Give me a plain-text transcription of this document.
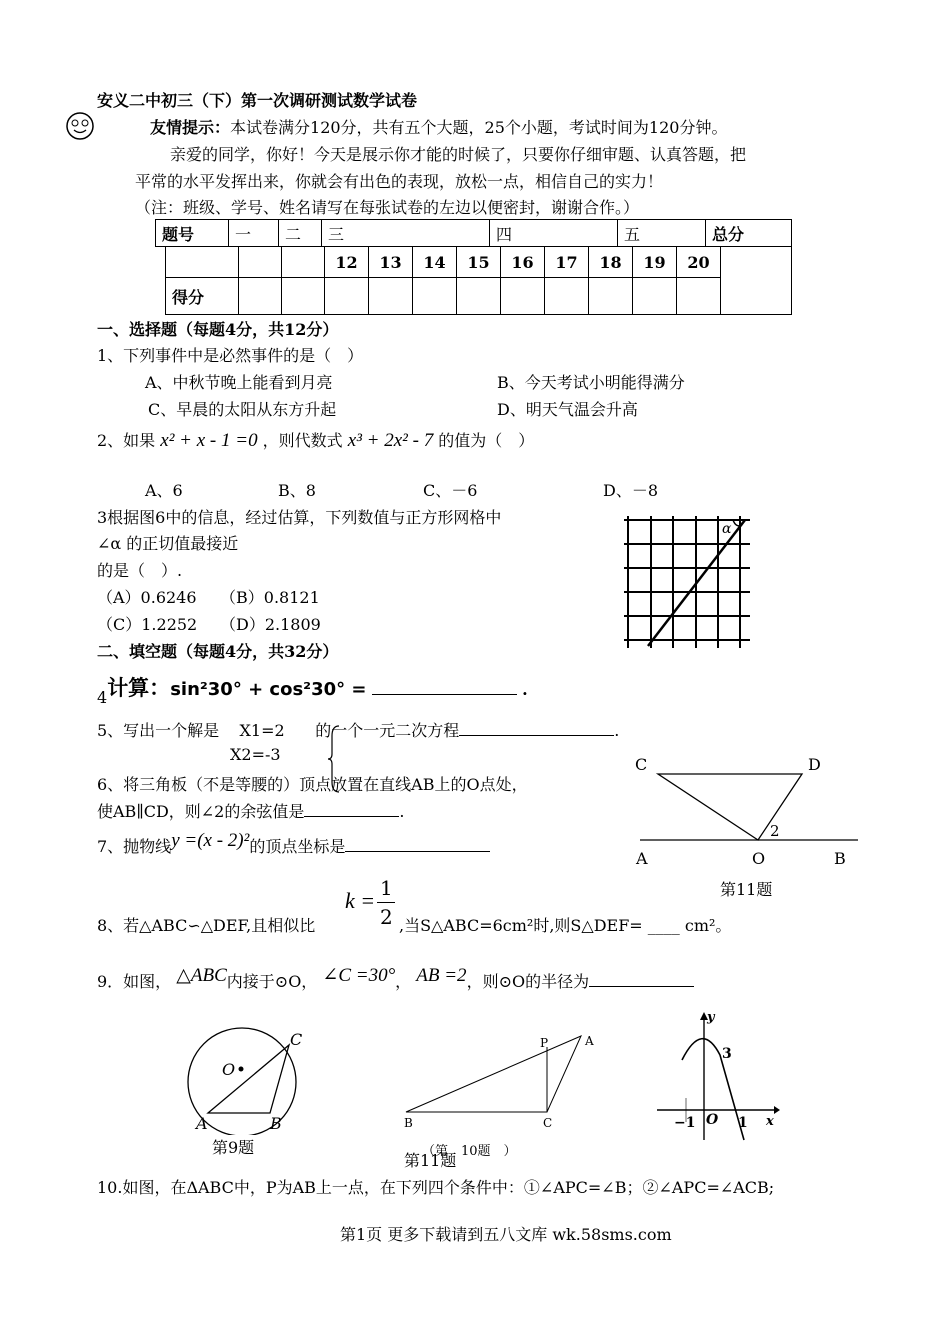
安义二中初三（下）第一次调研测试数学试卷
友情提示：本试卷满分120分，共有五个大题，25个小题，考试时间为120分钟。
亲爱的同学，你好！今天是展示你才能的时候了，只要你仔细审题、认真答题，把
平常的水平发挥出来，你就会有出色的表现，放松一点，相信自己的实力！
（注：班级、学号、姓名请写在每张试卷的左边以便密封，谢谢合作。）
题号	一	二	三	四	五	总分
			12	13	14	15	16	17	18	19	20	
得分												
一、选择题（每题4分，共12分）
1、下列事件中是必然事件的是（　）
A、中秋节晚上能看到月亮	B、今天考试小明能得满分
C、早晨的太阳从东方升起	D、明天气温会升高
2、如果 x² + x - 1 =0 ，则代数式 x³ + 2x² - 7 的值为（　）
A、6	B、8	C、－6	D、－8
3根据图6中的信息，经过估算，下列数值与正方形网格中
∠α 的正切值最接近
的是（　）.
（A）0.6246 （B）0.8121
（C）1.2252 （D）2.1809
α
二、填空题（每题4分，共32分）
4计算：sin²30° + cos²30° =	.
5、写出一个解是 X1=2 的一个一元二次方程	.
X2=-3
6、将三角板（不是等腰的）顶点放置在直线AB上的O点处，
使AB∥CD，则∠2的余弦值是	.
7、抛物线y =(x - 2)²的顶点坐标是
8、若△ABC∽△DEF,且相似比
k = 1
2 ,当S△ABC=6cm²时,则S△DEF= ____ cm²。
9．如图， △ABC内接于⊙O， ∠C =30°， AB =2，则⊙O的半径为
C	D
A	O	B
2
第11题
O
A	B
C
第9题
P	A
B	C
（第　10题　）
第11题
y
x
3
−1 O 1
10.如图，在ΔABC中，P为AB上一点，在下列四个条件中：①∠APC=∠B；②∠APC=∠ACB;
第1页 更多下载请到五八文库 wk.58sms.com
